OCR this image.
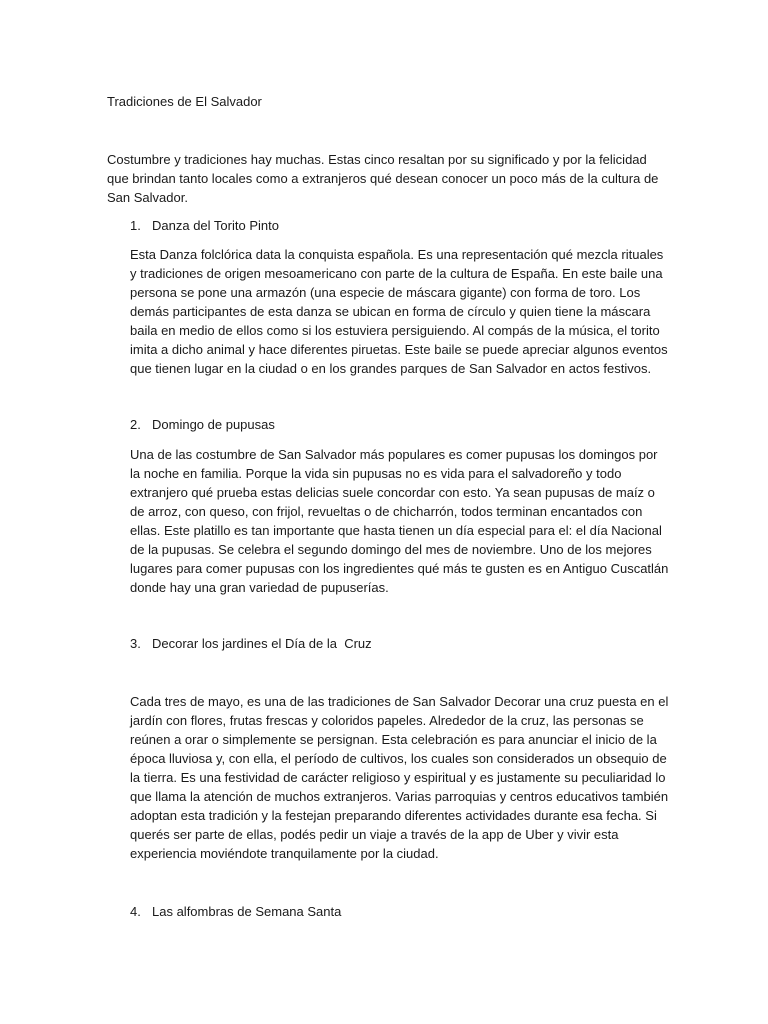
Tradiciones de El Salvador

Costumbre y tradiciones hay muchas. Estas cinco resaltan por su significado y por la felicidad que brindan tanto locales como a extranjeros qué desean conocer un poco más de la cultura de San Salvador.

1. Danza del Torito Pinto

Esta Danza folclórica data la conquista española. Es una representación qué mezcla rituales y tradiciones de origen mesoamericano con parte de la cultura de España. En este baile una persona se pone una armazón (una especie de máscara gigante) con forma de toro. Los demás participantes de esta danza se ubican en forma de círculo y quien tiene la máscara baila en medio de ellos como si los estuviera persiguiendo. Al compás de la música, el torito imita a dicho animal y hace diferentes piruetas. Este baile se puede apreciar algunos eventos que tienen lugar en la ciudad o en los grandes parques de San Salvador en actos festivos.

2. Domingo de pupusas

Una de las costumbre de San Salvador más populares es comer pupusas los domingos por la noche en familia. Porque la vida sin pupusas no es vida para el salvadoreño y todo extranjero qué prueba estas delicias suele concordar con esto. Ya sean pupusas de maíz o de arroz, con queso, con frijol, revueltas o de chicharrón, todos terminan encantados con ellas. Este platillo es tan importante que hasta tienen un día especial para el: el día Nacional de la pupusas. Se celebra el segundo domingo del mes de noviembre. Uno de los mejores lugares para comer pupusas con los ingredientes qué más te gusten es en Antiguo Cuscatlán donde hay una gran variedad de pupuserías.

3. Decorar los jardines el Día de la  Cruz

Cada tres de mayo, es una de las tradiciones de San Salvador Decorar una cruz puesta en el jardín con flores, frutas frescas y coloridos papeles. Alrededor de la cruz, las personas se reúnen a orar o simplemente se persignan. Esta celebración es para anunciar el inicio de la época lluviosa y, con ella, el período de cultivos, los cuales son considerados un obsequio de la tierra. Es una festividad de carácter religioso y espiritual y es justamente su peculiaridad lo que llama la atención de muchos extranjeros. Varias parroquias y centros educativos también adoptan esta tradición y la festejan preparando diferentes actividades durante esa fecha. Si querés ser parte de ellas, podés pedir un viaje a través de la app de Uber y vivir esta experiencia moviéndote tranquilamente por la ciudad.

4. Las alfombras de Semana Santa
